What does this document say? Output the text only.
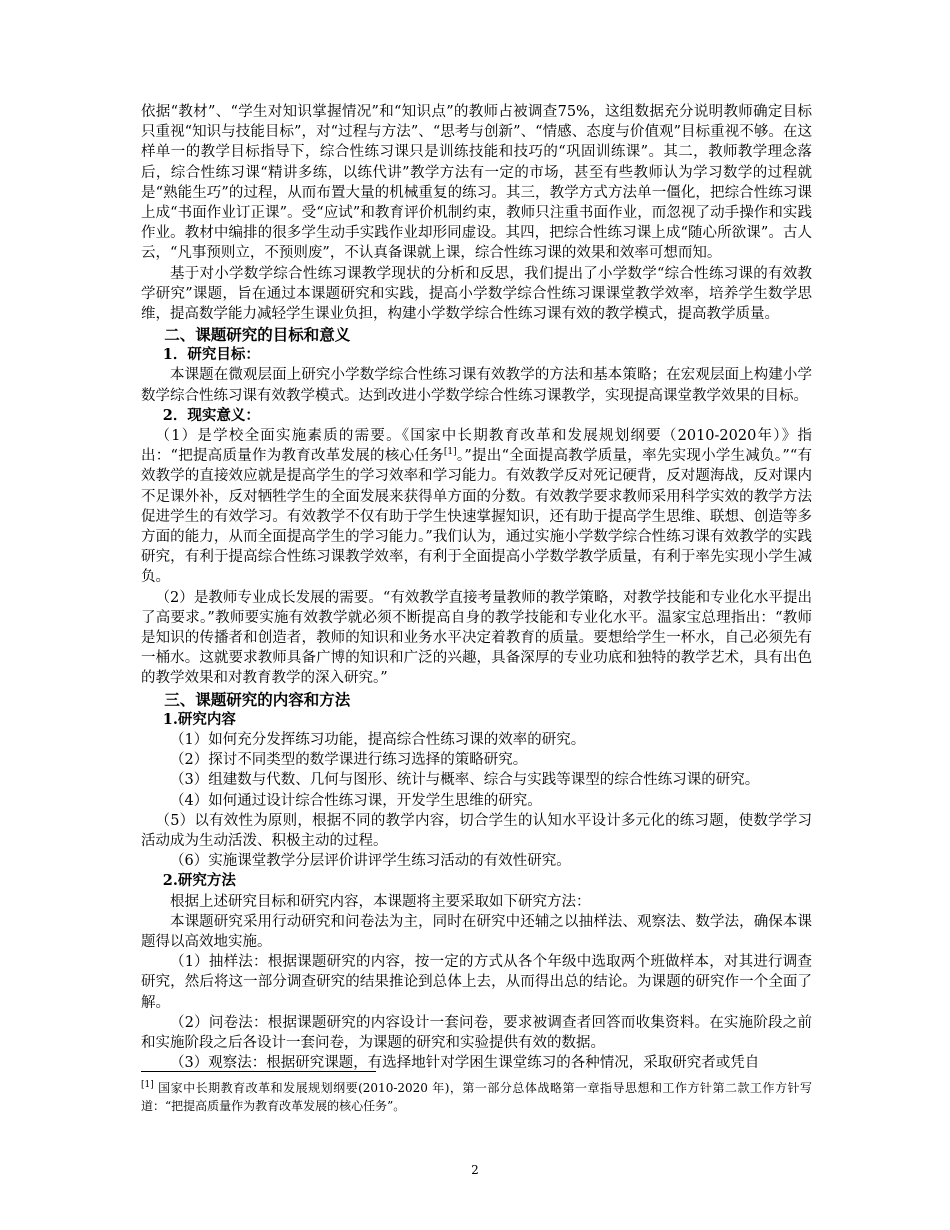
依据“教材”、“学生对知识掌握情况”和“知识点”的教师占被调查75%，这组数据充分说明教师确定目标只重视“知识与技能目标”，对“过程与方法”、“思考与创新”、“情感、态度与价值观”目标重视不够。在这样单一的教学目标指导下，综合性练习课只是训练技能和技巧的“巩固训练课”。其二，教师教学理念落后，综合性练习课“精讲多练，以练代讲”教学方法有一定的市场，甚至有些教师认为学习数学的过程就是“熟能生巧”的过程，从而布置大量的机械重复的练习。其三，教学方式方法单一僵化，把综合性练习课上成“书面作业订正课”。受“应试”和教育评价机制约束，教师只注重书面作业，而忽视了动手操作和实践作业。教材中编排的很多学生动手实践作业却形同虚设。其四，把综合性练习课上成“随心所欲课”。古人云，“凡事预则立，不预则废”，不认真备课就上课，综合性练习课的效果和效率可想而知。

基于对小学数学综合性练习课教学现状的分析和反思，我们提出了小学数学“综合性练习课的有效教学研究”课题，旨在通过本课题研究和实践，提高小学数学综合性练习课课堂教学效率，培养学生数学思维，提高数学能力减轻学生课业负担，构建小学数学综合性练习课有效的教学模式，提高教学质量。

二、课题研究的目标和意义
1．研究目标：

本课题在微观层面上研究小学数学综合性练习课有效教学的方法和基本策略；在宏观层面上构建小学数学综合性练习课有效教学模式。达到改进小学数学综合性练习课教学，实现提高课堂教学效果的目标。

2．现实意义：

（1）是学校全面实施素质的需要。《国家中长期教育改革和发展规划纲要（2010-2020年）》指出：“把提高质量作为教育改革发展的核心任务[1]。”提出“全面提高教学质量，率先实现小学生减负。”“有效教学的直接效应就是提高学生的学习效率和学习能力。有效教学反对死记硬背，反对题海战，反对课内不足课外补，反对牺牲学生的全面发展来获得单方面的分数。有效教学要求教师采用科学实效的教学方法促进学生的有效学习。有效教学不仅有助于学生快速掌握知识，还有助于提高学生思维、联想、创造等多方面的能力，从而全面提高学生的学习能力。”我们认为，通过实施小学数学综合性练习课有效教学的实践研究，有利于提高综合性练习课教学效率，有利于全面提高小学数学教学质量，有利于率先实现小学生减负。

（2）是教师专业成长发展的需要。“有效教学直接考量教师的教学策略，对教学技能和专业化水平提出了高要求。”教师要实施有效教学就必须不断提高自身的教学技能和专业化水平。温家宝总理指出：“教师是知识的传播者和创造者，教师的知识和业务水平决定着教育的质量。要想给学生一杯水，自己必须先有一桶水。这就要求教师具备广博的知识和广泛的兴趣，具备深厚的专业功底和独特的教学艺术，具有出色的教学效果和对教育教学的深入研究。”

三、课题研究的内容和方法
1.研究内容

（1）如何充分发挥练习功能，提高综合性练习课的效率的研究。

（2）探讨不同类型的数学课进行练习选择的策略研究。

（3）组建数与代数、几何与图形、统计与概率、综合与实践等课型的综合性练习课的研究。

（4）如何通过设计综合性练习课，开发学生思维的研究。

（5）以有效性为原则，根据不同的教学内容，切合学生的认知水平设计多元化的练习题，使数学学习活动成为生动活泼、积极主动的过程。

（6）实施课堂教学分层评价讲评学生练习活动的有效性研究。

2.研究方法

根据上述研究目标和研究内容，本课题将主要采取如下研究方法：

本课题研究采用行动研究和问卷法为主，同时在研究中还辅之以抽样法、观察法、数学法，确保本课题得以高效地实施。

（1）抽样法：根据课题研究的内容，按一定的方式从各个年级中选取两个班做样本，对其进行调查研究，然后将这一部分调查研究的结果推论到总体上去，从而得出总的结论。为课题的研究作一个全面了解。

（2）问卷法：根据课题研究的内容设计一套问卷，要求被调查者回答而收集资料。在实施阶段之前和实施阶段之后各设计一套问卷，为课题的研究和实验提供有效的数据。

（3）观察法：根据研究课题，有选择地针对学困生课堂练习的各种情况，采取研究者或凭自

[1] 国家中长期教育改革和发展规划纲要(2010-2020 年)，第一部分总体战略第一章指导思想和工作方针第二款工作方针写道：“把提高质量作为教育改革发展的核心任务”。
2
